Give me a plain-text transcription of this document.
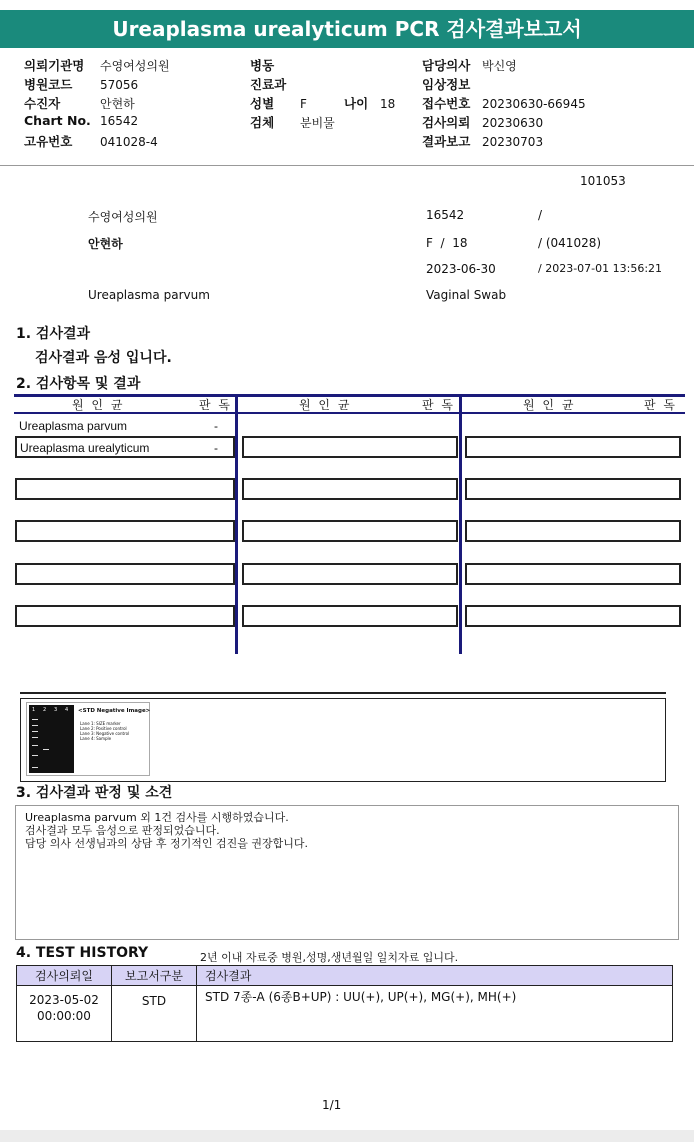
Ureaplasma urealyticum PCR 검사결과보고서
의뢰기관명 수영여성의원
병원코드 57056
수진자	안현하
Chart No. 16542
고유번호 041028-4
병동
진료과
성별 F	나이 18
검체 분비물
담당의사 박신영
임상정보
접수번호 20230630-66945
검사의뢰 20230630
결과보고 20230703
101053
수영여성의원	16542	/
안현하	F  /  18	/ (041028)
2023-06-30	/ 2023-07-01 13:56:21
Ureaplasma parvum	Vaginal Swab
1. 검사결과
검사결과 음성 입니다.
2. 검사항목 및 결과
원 인 균	판 독	원 인 균	판 독	원 인 균	판 독
Ureaplasma parvum	-
Ureaplasma urealyticum	-
1 2 3 4 <STD Negative Image>
Lane 1: SIZE marker
Lane 2: Positive control
Lane 3: Negative control
Lane 4: Sample
3. 검사결과 판정 및 소견
Ureaplasma parvum 외 1건 검사를 시행하였습니다.
검사결과 모두 음성으로 판정되었습니다.
담당 의사 선생님과의 상담 후 정기적인 검진을 권장합니다.
4. TEST HISTORY	2년 이내 자료중 병원,성명,생년월일 일치자료 입니다.
검사의뢰일	보고서구분	검사결과

2023-05-02
00:00:00	STD	STD 7종-A (6종B+UP) : UU(+), UP(+), MG(+), MH(+)
1/1
